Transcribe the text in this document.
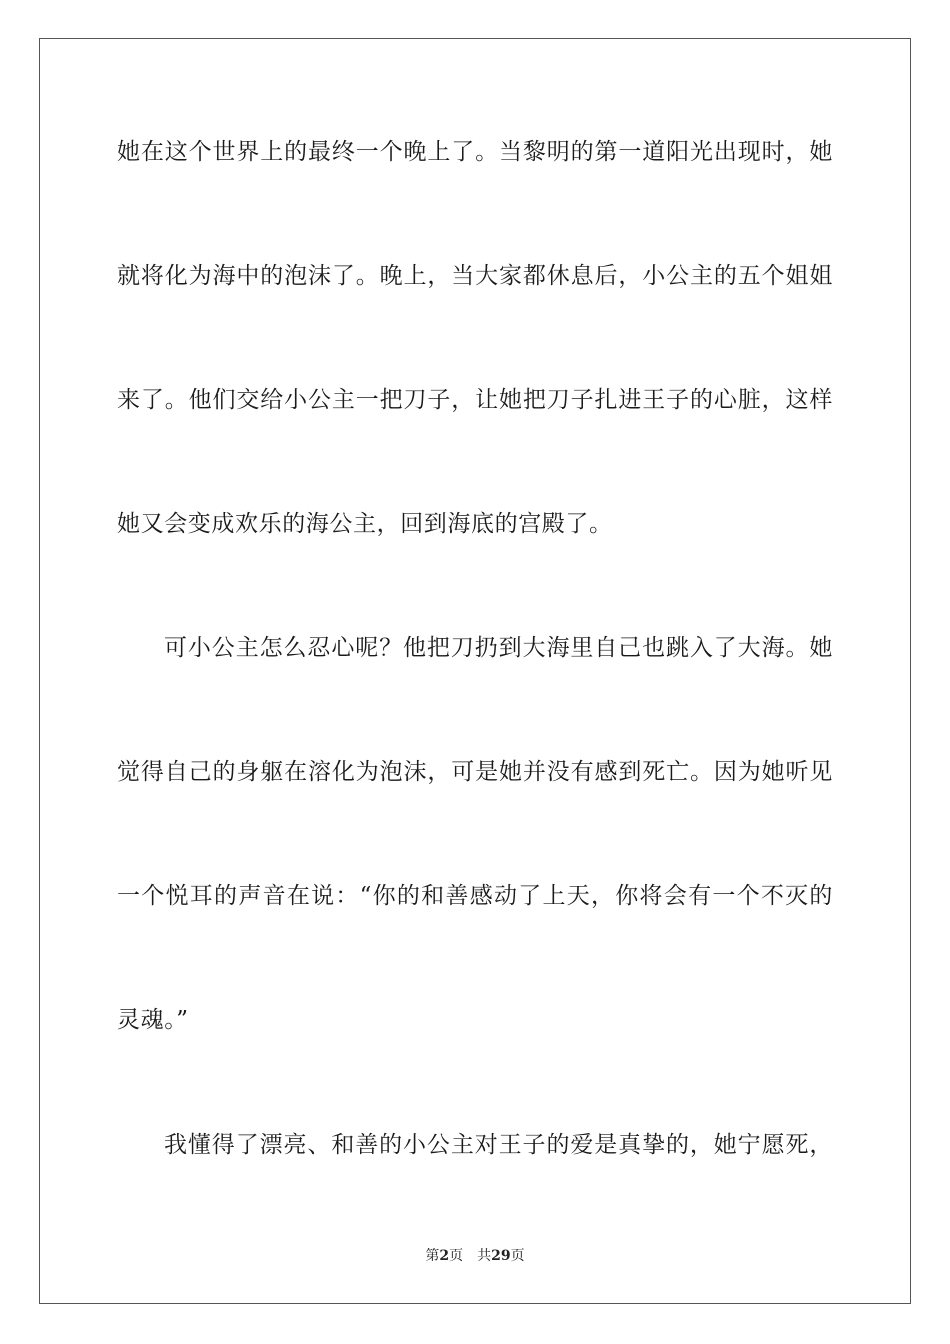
她在这个世界上的最终一个晚上了。当黎明的第一道阳光出现时，她
就将化为海中的泡沫了。晚上，当大家都休息后，小公主的五个姐姐
来了。他们交给小公主一把刀子，让她把刀子扎进王子的心脏，这样
她又会变成欢乐的海公主，回到海底的宫殿了。
可小公主怎么忍心呢？他把刀扔到大海里自己也跳入了大海。她
觉得自己的身躯在溶化为泡沫，可是她并没有感到死亡。因为她听见
一个悦耳的声音在说：“你的和善感动了上天，你将会有一个不灭的
灵魂。”
我懂得了漂亮、和善的小公主对王子的爱是真挚的，她宁愿死，
第2页 共29页
